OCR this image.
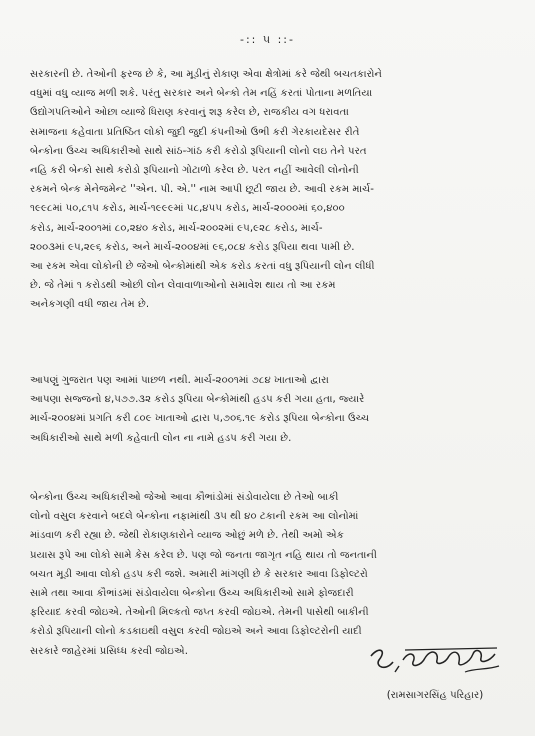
-:: ૫ ::-
સરકારની છે. તેઓની ફરજ છે કે, આ મૂડીનું રોકાણ એવા ક્ષેત્રોમાં કરે જેથી બચતકારોને
વધુમાં વધુ વ્યાજ મળી શકે. પરંતુ સરકાર અને બેન્કો તેમ નહિં કરતાં પોતાના મળતિયા
ઉદ્યોગપતિઓને ઓછા વ્યાજે ધિરાણ કરવાનું શરૂ કરેલ છે, રાજકીય વગ ધરાવતા
સમાજના કહેવાતા પ્રતિષ્ઠિત લોકો જુદી જુદી કંપનીઓ ઉભી કરી ગેરકાયદેસર રીતે
બેન્કોના ઉચ્ચ અધિકારીઓ સાથે સાંઠ-ગાંઠ કરી કરોડો રૂપિયાની લોનો લઇ તેને પરત
નહિ કરી બેન્કો સાથે કરોડો રૂપિયાનો ગોટાળો કરેલ છે. પરત નહીં આવેલી લોનોની
રકમને બેન્ક મેનેજમેન્ટ ''એન. પી. એ.'' નામ આપી છૂટી જાય છે. આવી રકમ માર્ચ-
૧૯૯૮માં ૫૦,૮૧૫ કરોડ, માર્ચ-૧૯૯૯માં ૫૮,૪૫૫ કરોડ, માર્ચ-૨૦૦૦માં ૬૦,૪૦૦
કરોડ, માર્ચ-૨૦૦૧માં ૮૦,૨૪૦ કરોડ, માર્ચ-૨૦૦૨માં ૯૫,૯૨૮ કરોડ, માર્ચ-
૨૦૦૩માં ૯૫,૨૯૬ કરોડ, અને માર્ચ-૨૦૦૪માં ૯૬,૦૮૪ કરોડ રૂપિયા થવા પામી છે.
આ રકમ એવા લોકોની છે જેઓ બેન્કોમાંથી એક કરોડ કરતાં વધુ રૂપિયાની લોન લીધી
છે. જે તેમાં ૧ કરોડથી ઓછી લોન લેવાવાળાઓનો સમાવેશ થાય તો આ રકમ
અનેકગણી વધી જાય તેમ છે.
આપણું ગુજરાત પણ આમાં પાછળ નથી. માર્ચ-૨૦૦૧માં ૭૮૪ ખાતાઓ દ્વારા
આપણા સજ્જનો ૪,૫૭૭.૩૨ કરોડ રૂપિયા બેન્કોમાંથી હડપ કરી ગયા હતા, જ્યારે
માર્ચ-૨૦૦૪માં પ્રગતિ કરી ૮૦૯ ખાતાઓ દ્વારા ૫,૭૦૬.૧૯ કરોડ રૂપિયા બેન્કોના ઉચ્ચ
અધિકારીઓ સાથે મળી કહેવાતી લોન ના નામે હડપ કરી ગયા છે.
બેન્કોના ઉચ્ચ અધિકારીઓ જેઓ આવા કૌભાંડોમાં સંડોવાયેલા છે તેઓ બાકી
લોનો વસુલ કરવાને બદલે બેન્કોના નફામાંથી ૩૫ થી ૪૦ ટકાની રકમ આ લોનોમાં
માંડવાળ કરી રહ્યા છે. જેથી રોકાણકારોને વ્યાજ ઓછું મળે છે. તેથી અમો એક
પ્રયાસ રૂપે આ લોકો સામે કેસ કરેલ છે. પણ જો જનતા જાગૃત નહિ થાય તો જનતાની
બચત મૂડી આવા લોકો હડપ કરી જશે. અમારી માંગણી છે કે સરકાર આવા ડિફોલ્ટરો
સામે તથા આવા કૌભાંડમાં સંડોવાયેલા બેન્કોના ઉચ્ચ અધિકારીઓ સામે ફોજદારી
ફરિયાદ કરવી જોઇએ. તેઓની મિલ્કતો જપ્ત કરવી જોઇએ. તેમની પાસેથી બાકીની
કરોડો રૂપિયાની લોનો કડકાઇથી વસુલ કરવી જોઇએ અને આવા ડિફોલ્ટરોની યાદી
સરકારે જાહેરમાં પ્રસિધ્ધ કરવી જોઇએ.
(રામસાગરસિંહ પરિહાર)
